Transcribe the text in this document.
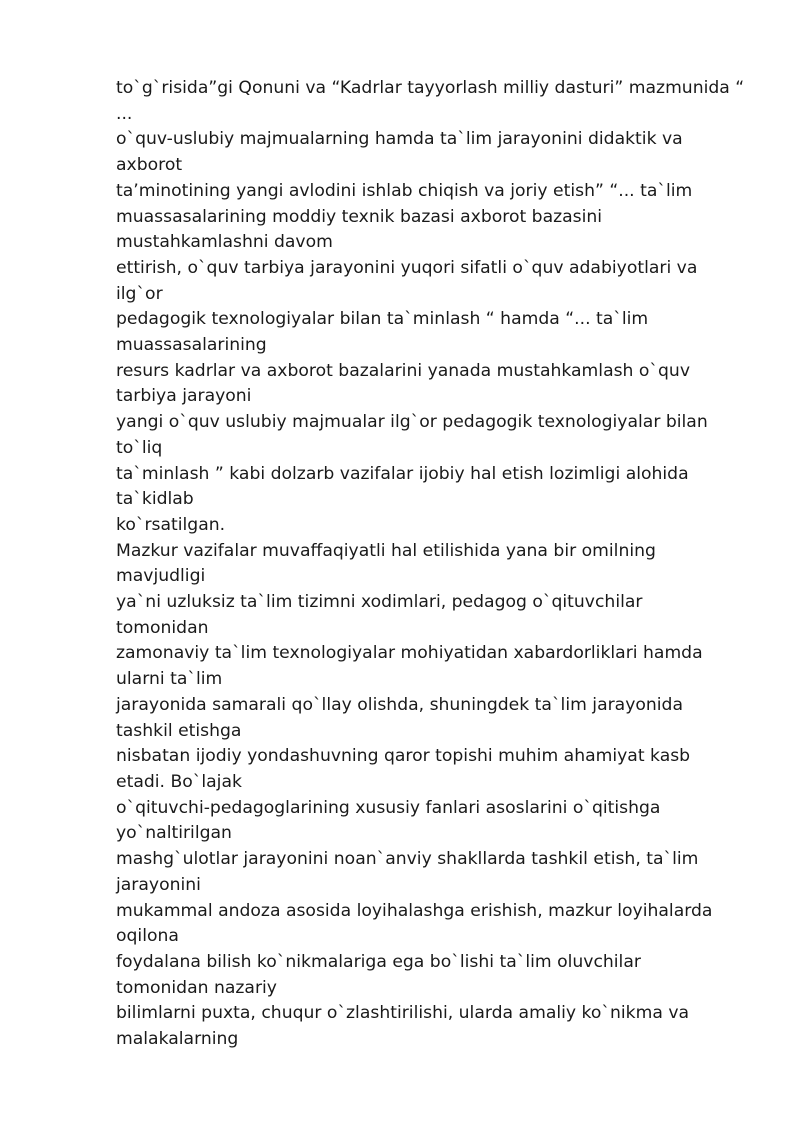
to`g`risida”gi Qonuni va “Kadrlar tayyorlash milliy dasturi” mazmunida “
...
o`quv-uslubiy majmualarning hamda ta`lim jarayonini didaktik va
axborot
ta’minotining yangi avlodini ishlab chiqish va joriy etish” “... ta`lim
muassasalarining moddiy texnik bazasi axborot bazasini
mustahkamlashni davom
ettirish, o`quv tarbiya jarayonini yuqori sifatli o`quv adabiyotlari va
ilg`or
pedagogik texnologiyalar bilan ta`minlash “ hamda “... ta`lim
muassasalarining
resurs kadrlar va axborot bazalarini yanada mustahkamlash o`quv
tarbiya jarayoni
yangi o`quv uslubiy majmualar ilg`or pedagogik texnologiyalar bilan
to`liq
ta`minlash ” kabi dolzarb vazifalar ijobiy hal etish lozimligi alohida
ta`kidlab
ko`rsatilgan.
Mazkur vazifalar muvaffaqiyatli hal etilishida yana bir omilning
mavjudligi
ya`ni uzluksiz ta`lim tizimni xodimlari, pedagog o`qituvchilar
tomonidan
zamonaviy ta`lim texnologiyalar mohiyatidan xabardorliklari hamda
ularni ta`lim
jarayonida samarali qo`llay olishda, shuningdek ta`lim jarayonida
tashkil etishga
nisbatan ijodiy yondashuvning qaror topishi muhim ahamiyat kasb
etadi. Bo`lajak
o`qituvchi-pedagoglarining xususiy fanlari asoslarini o`qitishga
yo`naltirilgan
mashg`ulotlar jarayonini noan`anviy shakllarda tashkil etish, ta`lim
jarayonini
mukammal andoza asosida loyihalashga erishish, mazkur loyihalarda
oqilona
foydalana bilish ko`nikmalariga ega bo`lishi ta`lim oluvchilar
tomonidan nazariy
bilimlarni puxta, chuqur o`zlashtirilishi, ularda amaliy ko`nikma va
malakalarning
